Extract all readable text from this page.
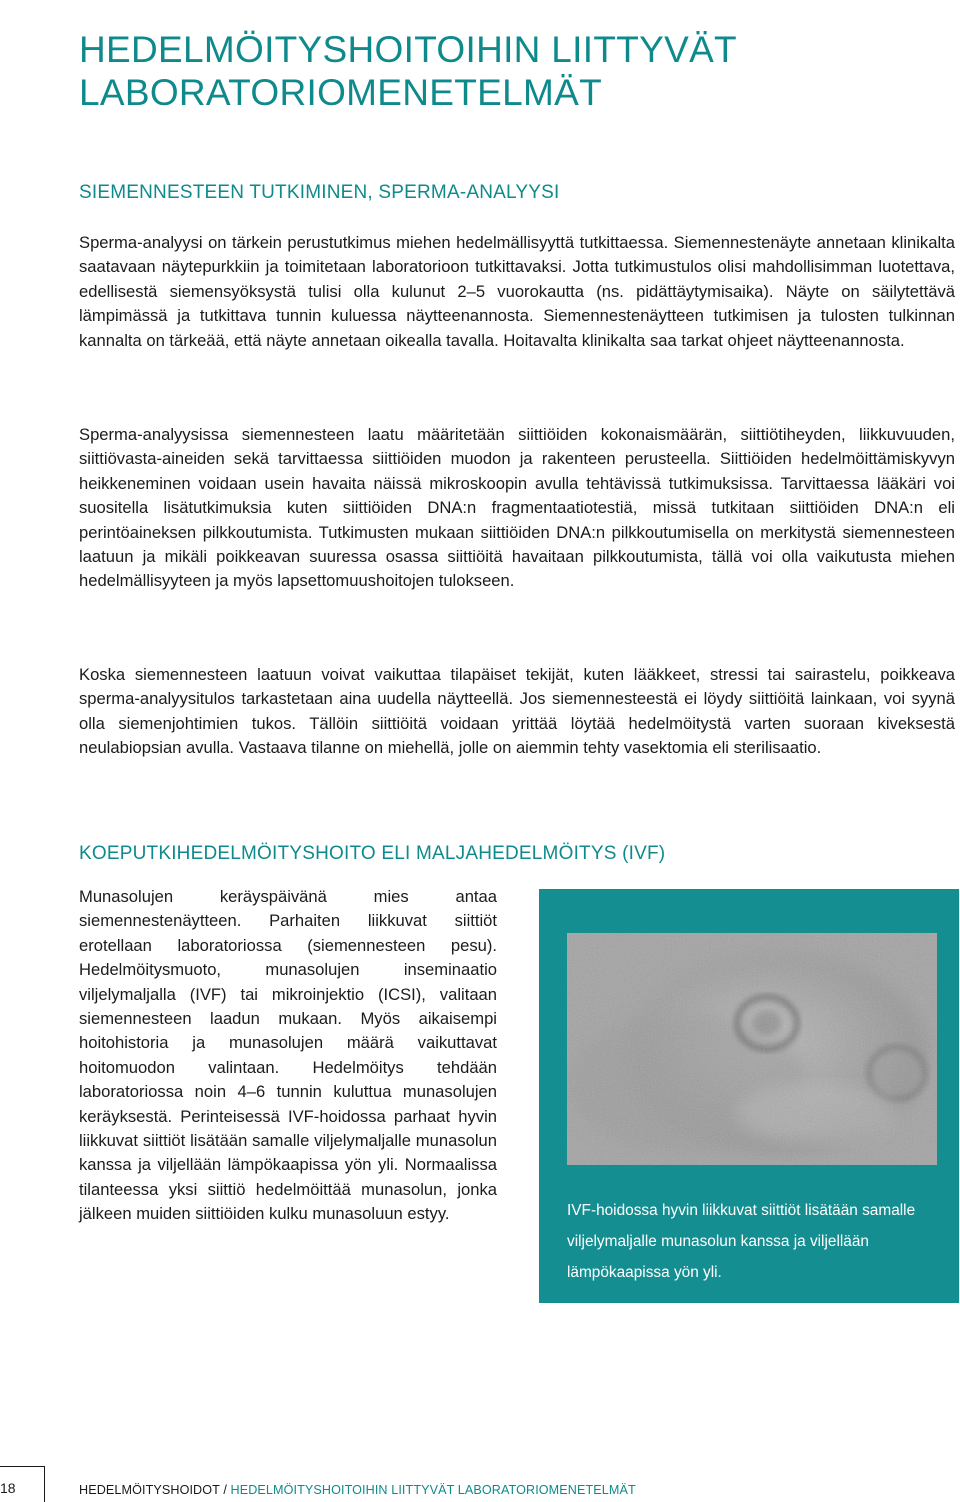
HEDELMÖITYSHOITOIHIN LIITTYVÄT
LABORATORIOMENETELMÄT
SIEMENNESTEEN TUTKIMINEN, SPERMA-ANALYYSI

Sperma-analyysi on tärkein perustutkimus miehen hedelmällisyyttä tutkittaessa. Siemennestenäyte annetaan klinikalta saatavaan näytepurkkiin ja toimitetaan laboratorioon tutkittavaksi. Jotta tutkimustulos olisi mahdollisimman luotettava, edellisestä siemensyöksystä tulisi olla kulunut 2–5 vuorokautta (ns. pidättäytymisaika). Näyte on säilytettävä lämpimässä ja tutkittava tunnin kuluessa näytteenannosta. Siemennestenäytteen tutkimisen ja tulosten tulkinnan kannalta on tärkeää, että näyte annetaan oikealla tavalla. Hoitavalta klinikalta saa tarkat ohjeet näytteenannosta.

Sperma-analyysissa siemennesteen laatu määritetään siittiöiden kokonaismäärän, siittiötiheyden, liikkuvuuden, siittiövasta-aineiden sekä tarvittaessa siittiöiden muodon ja rakenteen perusteella. Siittiöiden hedelmöittämiskyvyn heikkeneminen voidaan usein havaita näissä mikroskoopin avulla tehtävissä tutkimuksissa. Tarvittaessa lääkäri voi suositella lisätutkimuksia kuten siittiöiden DNA:n fragmentaatiotestiä, missä tutkitaan siittiöiden DNA:n eli perintöaineksen pilkkoutumista. Tutkimusten mukaan siittiöiden DNA:n pilkkoutumisella on merkitystä siemennesteen laatuun ja mikäli poikkeavan suuressa osassa siittiöitä havaitaan pilkkoutumista, tällä voi olla vaikutusta miehen hedelmällisyyteen ja myös lapsettomuushoitojen tulokseen.

Koska siemennesteen laatuun voivat vaikuttaa tilapäiset tekijät, kuten lääkkeet, stressi tai sairastelu, poikkeava sperma-analyysitulos tarkastetaan aina uudella näytteellä. Jos siemennesteestä ei löydy siittiöitä lainkaan, voi syynä olla siemenjohtimien tukos. Tällöin siittiöitä voidaan yrittää löytää hedelmöitystä varten suoraan kiveksestä neulabiopsian avulla. Vastaava tilanne on miehellä, jolle on aiemmin tehty vasektomia eli sterilisaatio.

KOEPUTKIHEDELMÖITYSHOITO ELI MALJAHEDELMÖITYS (IVF)

Munasolujen keräyspäivänä mies antaa siemennestenäytteen. Parhaiten liikkuvat siittiöt erotellaan laboratoriossa (siemennesteen pesu). Hedelmöitysmuoto, munasolujen inseminaatio viljelymaljalla (IVF) tai mikroinjektio (ICSI), valitaan siemennesteen laadun mukaan. Myös aikaisempi hoitohistoria ja munasolujen määrä vaikuttavat hoitomuodon valintaan. Hedelmöitys tehdään laboratoriossa noin 4–6 tunnin kuluttua munasolujen keräyksestä. Perinteisessä IVF-hoidossa parhaat hyvin liikkuvat siittiöt lisätään samalle viljelymaljalle munasolun kanssa ja viljellään lämpökaapissa yön yli. Normaalissa tilanteessa yksi siittiö hedelmöittää munasolun, jonka jälkeen muiden siittiöiden kulku munasoluun estyy.	IVF-hoidossa hyvin liikkuvat siittiöt lisätään samalle viljelymaljalle munasolun kanssa ja viljellään lämpökaapissa yön yli.

18	HEDELMÖITYSHOIDOT / HEDELMÖITYSHOITOIHIN LIITTYVÄT LABORATORIOMENETELMÄT
